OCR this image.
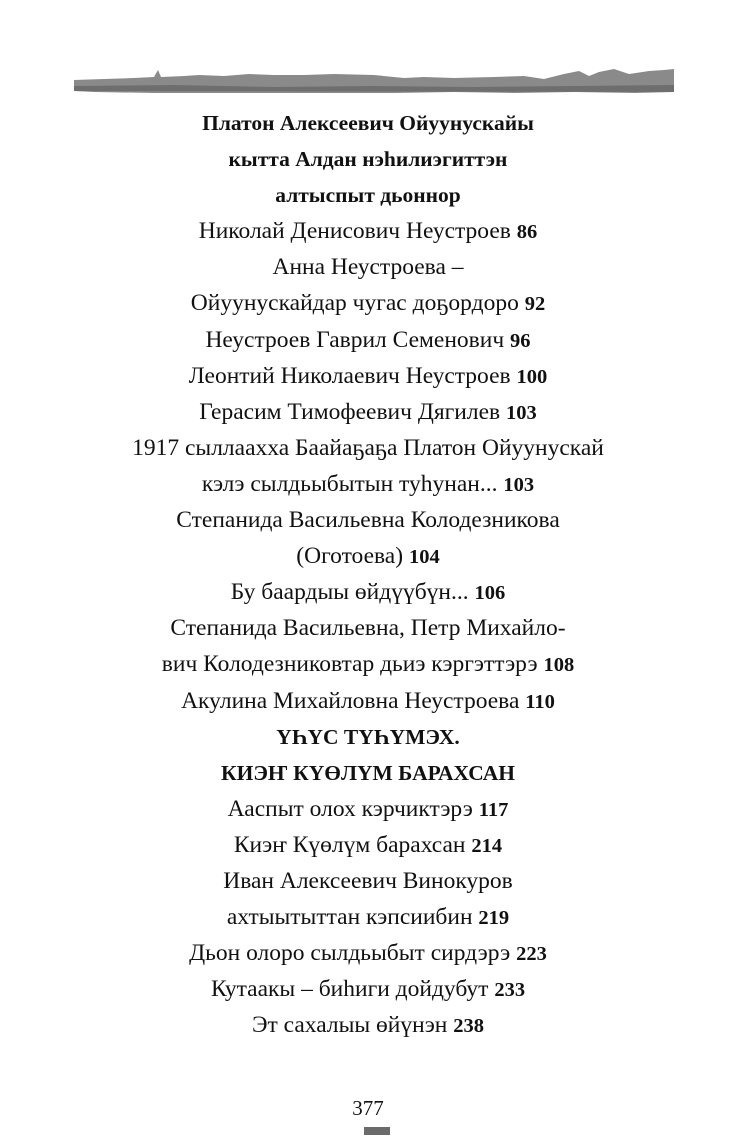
Платон Алексеевич Ойуунускайы
кытта Алдан нэһилиэгиттэн
алтыспыт дьоннор
Николай Денисович Неустроев 86
Анна Неустроева –
Ойуунускайдар чугас доҕордоро 92
Неустроев Гаврил Семенович 96
Леонтий Николаевич Неустроев 100
Герасим Тимофеевич Дягилев 103
1917 сыллаахха Баайаҕаҕа Платон Ойуунускай
кэлэ сылдьыбытын туһунан... 103
Степанида Васильевна Колодезникова
(Оготоева) 104
Бу баардыы өйдүүбүн... 106
Степанида Васильевна, Петр Михайло-
вич Колодезниковтар дьиэ кэргэттэрэ 108
Акулина Михайловна Неустроева 110
ҮҺҮС ТҮҺҮМЭХ.
КИЭҤ КҮӨЛҮМ БАРАХСАН
Ааспыт олох кэрчиктэрэ 117
Киэҥ Күөлүм барахсан 214
Иван Алексеевич Винокуров
ахтыытыттан кэпсиибин 219
Дьон олоро сылдьыбыт сирдэрэ 223
Кутаакы – биһиги дойдубут 233
Эт сахалыы өйүнэн 238
377
